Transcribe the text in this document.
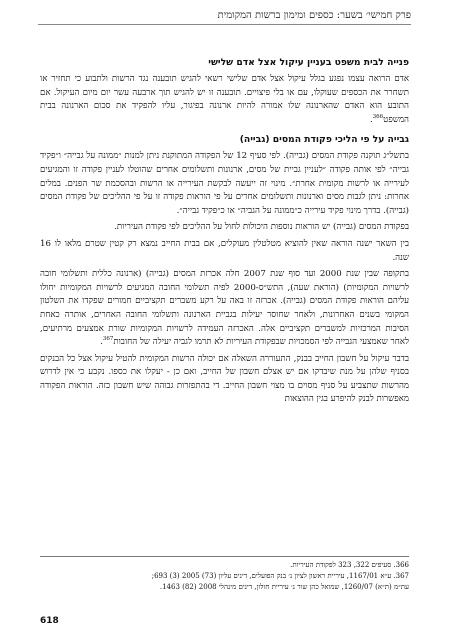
פרק חמישי׳ בשער: כספים ומימון ברשות המקומית
פנייה לבית משפט בעניין עיקול אצל אדם שלישי

אדם הרואה עצמו נפגע בגלל עיקול אצל אדם שלישי רשאי להגיש תובענה נגד הרשות ולתבוע כי תחזיר או תשחרר את הכספים שעוקלו, עם או בלי פיצויים. תובענה זו יש להגיש תוך ארבעה עשר יום מיום העיקול. אם התובע הוא האדם שהארנונה שלו אמורה להיות ארנונה בפיגור, עליו להפקיד את סכום הארנונה בבית המשפט$^{366}$.

גבייה על פי הליכי פקודת המסים (גבייה)

בתשל״ג תוקנה פקודת המסים (גבייה). לפי סעיף 12 של הפקודה המתוקנת ניתן למנות ״ממונה על גבייה״ ו״פקיד גבייה״ לפי אותה פקודה ״לעניין גביית של מסים, ארנונות ותשלומים אחרים שהוטלו לעניין פקודה זו והמגיעים לעירייה או לרשות מקומית אחרת״. מינוי זה ייעשה לבקשת העירייה או הרשות ובהסכמת שר הפנים. במלים אחרות: ניתן לגבות מסים וארנונות ותשלומים אחרים על פי הוראות פקודה זו על פי ההליכים של פקודת המסים (גבייה). בדרך מינוי פקיד עירייה כ״ממונה על הגביה״ או כ״פקיד גבייה״.

בפקודת המסים (גבייה) יש הוראות נוספות היכולות לחול על ההליכים לפי פקודת העיריות.

בין השאר ישנה הוראה שאין להוציא מטלטלין מעוקלים, אם בבית החייב נמצא רק קטין שטרם מלאו לו 16 שנה.

בתקופה שבין שנת 2000 ועד סוף שנת 2007 חלה אכרזת המסים (גבייה) (ארנונה כללית ותשלומי חובה לרשויות המקומיות) (הוראת שעה), התש״ס-2000 לפיה תשלומי החובה המגיעים לרשויות המקומיות יחולו עליהם הוראות פקודת המסים (גבייה). אכרזה זו באה על רקע משברים תקציביים חמורים שפקדו את השלטון המקומי בשנים האחרונות, ולאחר שחוסר יעילות בגביית הארנונה ותשלומי החובה האחרים, אותרה כאחת הסיבות המרכזיות למשברים תקציביים אלה. האכרזה העמידה לרשויות המקומיות שורת אמצעים מרתיעים, לאחר שאמצעי הגבייה לפי הסמכויות שבפקודת העיריות לא תרמו לגביה יעילה של החובות$^{367}$.

בדבר עיקול על חשבון החייב בבנק, התעוררה השאלה אם יכולה הרשות המקומית להטיל עיקול אצל כל הבנקים בסניף שלהן על מנת שיבדקו אם יש אצלם חשבון של החייב, ואם כן - יעקלו את כספו. נקבע כי אין לדרוש מהרשות שתצביע על סניף מסוים בו מצוי חשבון החייב. די בהתפזרות גבוהה שיש חשבון כזה. הוראות הפקודה מאפשרות לבנק להיפרע בגין ההוצאות

366. סעיפים 322, 323 לפקודת העיריות.
367. ע״א 1167/01, עיריית ראשון לציון נ׳ בנק הפועלים, דינים עליון (73) 2005 (3) 693;
עת״מ (ת״א) 1260/07, שמואל כהן שור נ׳ עיריית חולון, דינים מינהלי 2008 (82) 1463.
618
